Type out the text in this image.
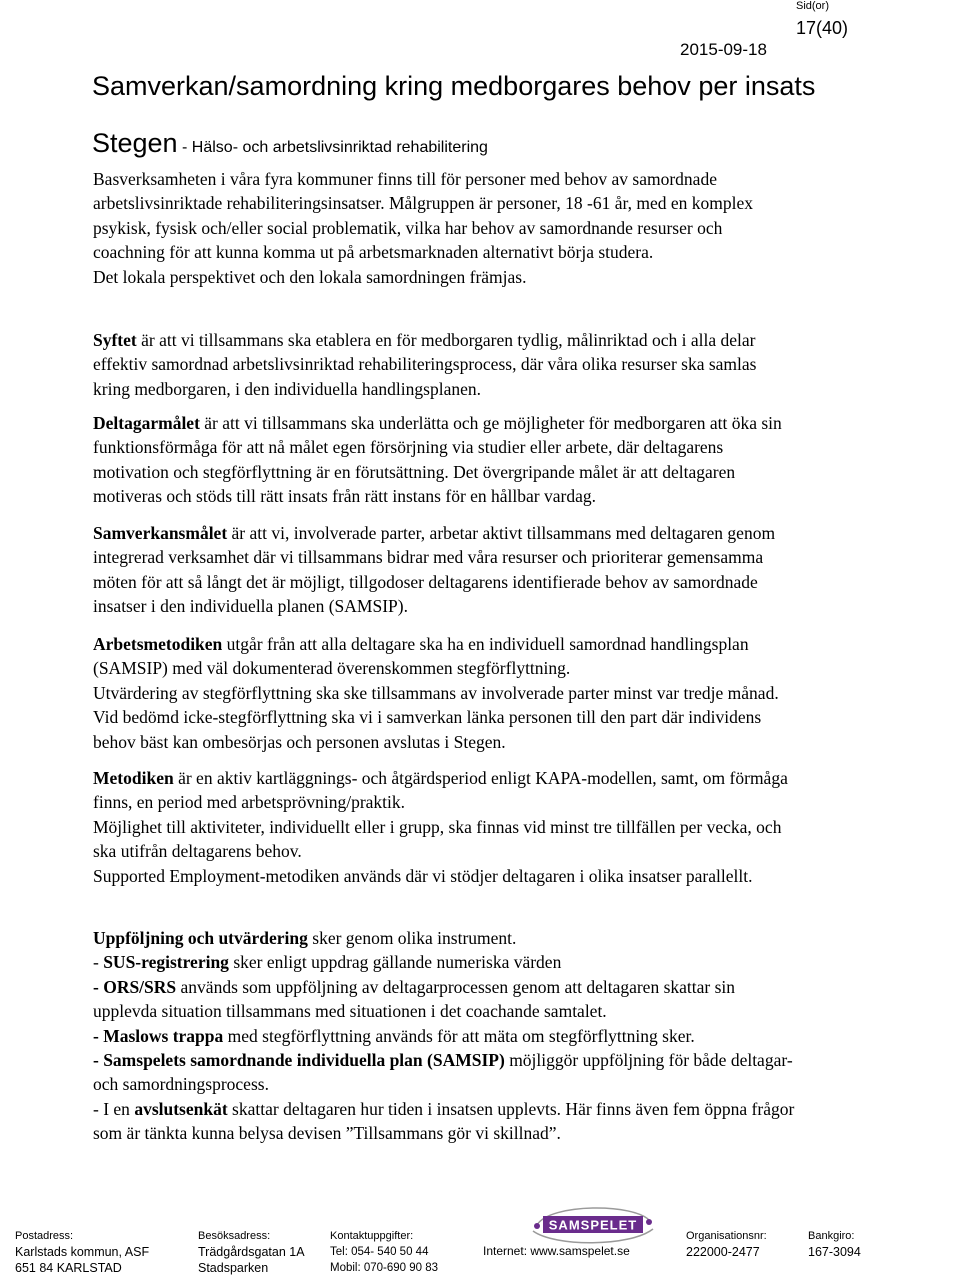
Sid(or)
17(40)
2015-09-18
Samverkan/samordning kring medborgares behov per insats
Stegen - Hälso- och arbetslivsinriktad rehabilitering
Basverksamheten i våra fyra kommuner finns till för personer med behov av samordnade
arbetslivsinriktade rehabiliteringsinsatser. Målgruppen är personer, 18 -61 år, med en komplex
psykisk, fysisk och/eller social problematik, vilka har behov av samordnande resurser och
coachning för att kunna komma ut på arbetsmarknaden alternativt börja studera.
Det lokala perspektivet och den lokala samordningen främjas.
Syftet är att vi tillsammans ska etablera en för medborgaren tydlig, målinriktad och i alla delar
effektiv samordnad arbetslivsinriktad rehabiliteringsprocess, där våra olika resurser ska samlas
kring medborgaren, i den individuella handlingsplanen.
Deltagarmålet är att vi tillsammans ska underlätta och ge möjligheter för medborgaren att öka sin
funktionsförmåga för att nå målet egen försörjning via studier eller arbete, där deltagarens
motivation och stegförflyttning är en förutsättning. Det övergripande målet är att deltagaren
motiveras och stöds till rätt insats från rätt instans för en hållbar vardag.
Samverkansmålet är att vi, involverade parter, arbetar aktivt tillsammans med deltagaren genom
integrerad verksamhet där vi tillsammans bidrar med våra resurser och prioriterar gemensamma
möten för att så långt det är möjligt, tillgodoser deltagarens identifierade behov av samordnade
insatser i den individuella planen (SAMSIP).
Arbetsmetodiken utgår från att alla deltagare ska ha en individuell samordnad handlingsplan
(SAMSIP) med väl dokumenterad överenskommen stegförflyttning.
Utvärdering av stegförflyttning ska ske tillsammans av involverade parter minst var tredje månad.
Vid bedömd icke-stegförflyttning ska vi i samverkan länka personen till den part där individens
behov bäst kan ombesörjas och personen avslutas i Stegen.
Metodiken är en aktiv kartläggnings- och åtgärdsperiod enligt KAPA-modellen, samt, om förmåga
finns, en period med arbetsprövning/praktik.
Möjlighet till aktiviteter, individuellt eller i grupp, ska finnas vid minst tre tillfällen per vecka, och
ska utifrån deltagarens behov.
Supported Employment-metodiken används där vi stödjer deltagaren i olika insatser parallellt.
Uppföljning och utvärdering sker genom olika instrument.
- SUS-registrering sker enligt uppdrag gällande numeriska värden
- ORS/SRS används som uppföljning av deltagarprocessen genom att deltagaren skattar sin
upplevda situation tillsammans med situationen i det coachande samtalet.
- Maslows trappa med stegförflyttning används för att mäta om stegförflyttning sker.
- Samspelets samordnande individuella plan (SAMSIP) möjliggör uppföljning för både deltagar-
och samordningsprocess.
- I en avslutsenkät skattar deltagaren hur tiden i insatsen upplevts. Här finns även fem öppna frågor
som är tänkta kunna belysa devisen ”Tillsammans gör vi skillnad”.
Postadress:
Karlstads kommun, ASF
651 84 KARLSTAD
Besöksadress:
Trädgårdsgatan 1A
Stadsparken
Kontaktuppgifter:
Tel: 054- 540 50 44
Mobil: 070-690 90 83
Organisationsnr:
222000-2477
Bankgiro:
167-3094
Internet: www.samspelet.se
SAMSPELET
